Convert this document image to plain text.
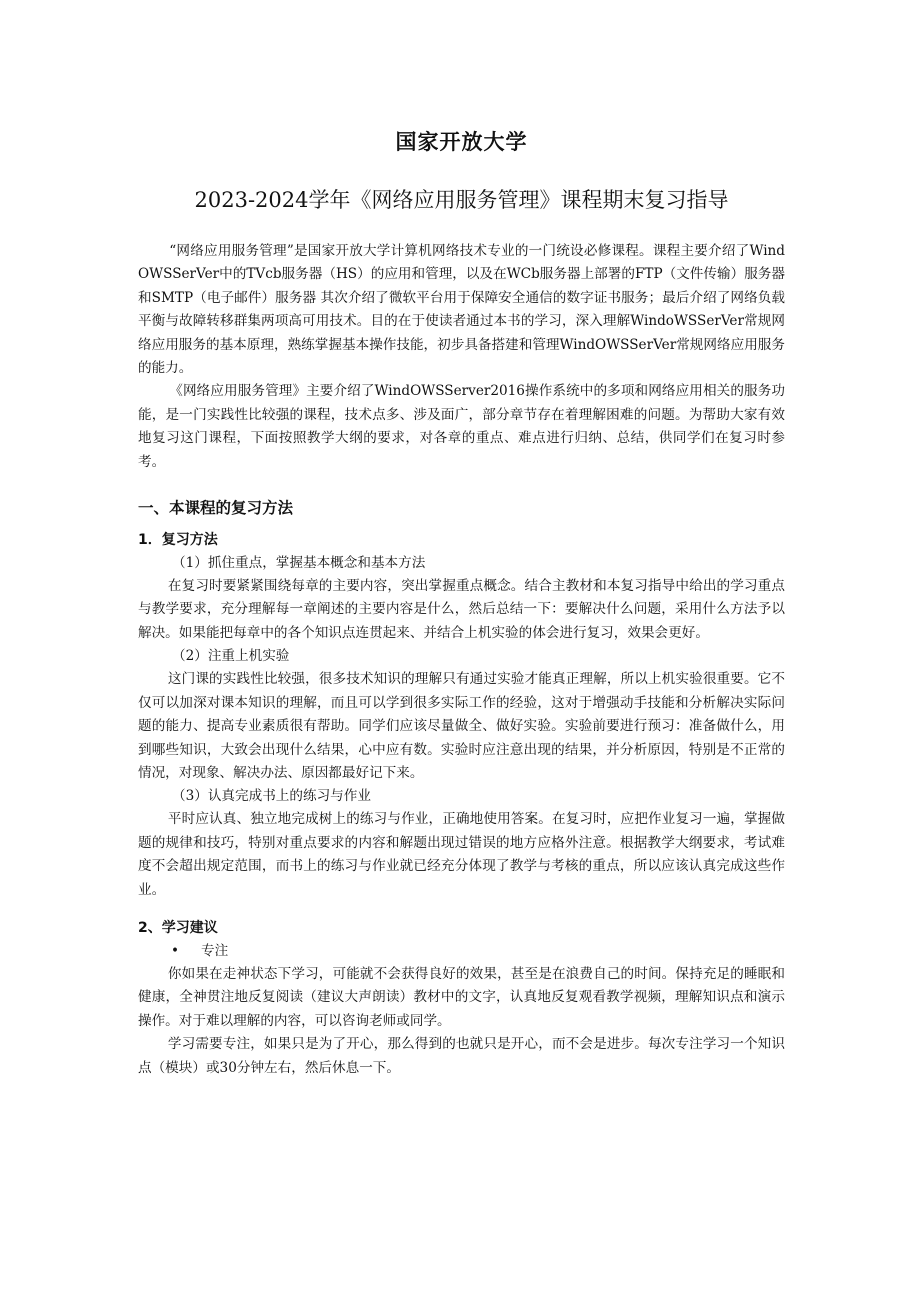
国家开放大学
2023-2024学年《网络应用服务管理》课程期末复习指导

“网络应用服务管理”是国家开放大学计算机网络技术专业的一门统设必修课程。课程主要介绍了WindOWSSerVer中的TVcb服务器（HS）的应用和管理，以及在WCb服务器上部署的FTP（文件传输）服务器和SMTP（电子邮件）服务器 其次介绍了微软平台用于保障安全通信的数字证书服务；最后介绍了网络负载平衡与故障转移群集两项高可用技术。目的在于使读者通过本书的学习，深入理解WindoWSSerVer常规网络应用服务的基本原理，熟练掌握基本操作技能，初步具备搭建和管理WindOWSSerVer常规网络应用服务的能力。

《网络应用服务管理》主要介绍了WindOWSServer2016操作系统中的多项和网络应用相关的服务功能，是一门实践性比较强的课程，技术点多、涉及面广，部分章节存在着理解困难的问题。为帮助大家有效地复习这门课程，下面按照教学大纲的要求，对各章的重点、难点进行归纳、总结，供同学们在复习时参考。

一、本课程的复习方法
1．复习方法

（1）抓住重点，掌握基本概念和基本方法

在复习时要紧紧围绕每章的主要内容，突出掌握重点概念。结合主教材和本复习指导中给出的学习重点与教学要求，充分理解每一章阐述的主要内容是什么，然后总结一下：要解决什么问题，采用什么方法予以解决。如果能把每章中的各个知识点连贯起来、并结合上机实验的体会进行复习，效果会更好。

（2）注重上机实验

这门课的实践性比较强，很多技术知识的理解只有通过实验才能真正理解，所以上机实验很重要。它不仅可以加深对课本知识的理解，而且可以学到很多实际工作的经验，这对于增强动手技能和分析解决实际问题的能力、提高专业素质很有帮助。同学们应该尽量做全、做好实验。实验前要进行预习：准备做什么，用到哪些知识，大致会出现什么结果，心中应有数。实验时应注意出现的结果，并分析原因，特别是不正常的情况，对现象、解决办法、原因都最好记下来。

（3）认真完成书上的练习与作业

平时应认真、独立地完成树上的练习与作业，正确地使用答案。在复习时，应把作业复习一遍，掌握做题的规律和技巧，特别对重点要求的内容和解题出现过错误的地方应格外注意。根据教学大纲要求，考试难度不会超出规定范围，而书上的练习与作业就已经充分体现了教学与考核的重点，所以应该认真完成这些作业。

2、学习建议

• 专注

你如果在走神状态下学习，可能就不会获得良好的效果，甚至是在浪费自己的时间。保持充足的睡眠和健康，全神贯注地反复阅读（建议大声朗读）教材中的文字，认真地反复观看教学视频，理解知识点和演示操作。对于难以理解的内容，可以咨询老师或同学。

学习需要专注，如果只是为了开心，那么得到的也就只是开心，而不会是进步。每次专注学习一个知识点（模块）或30分钟左右，然后休息一下。
